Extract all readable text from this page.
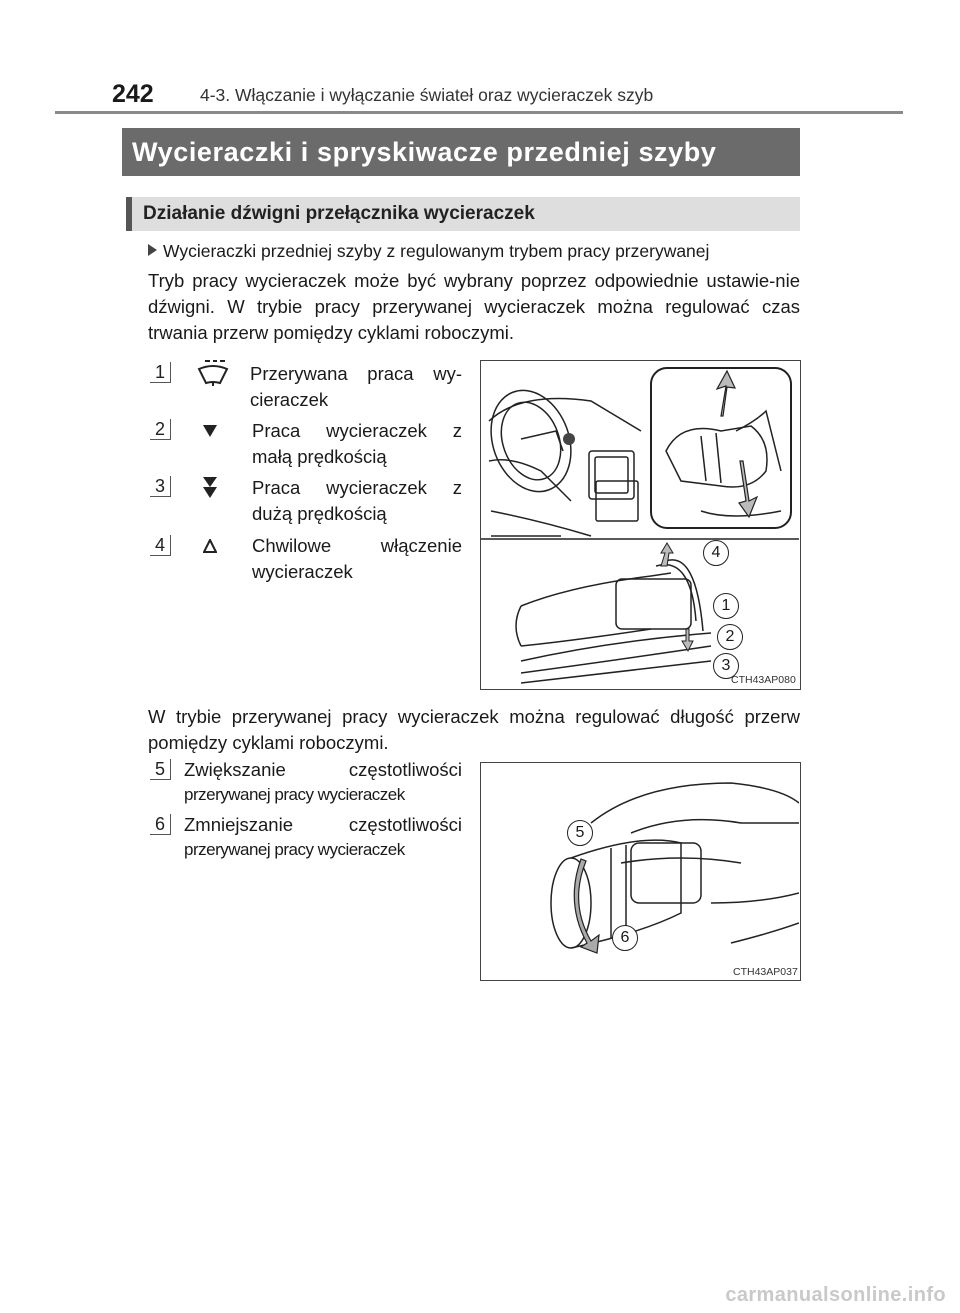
242	4-3. Włączanie i wyłączanie świateł oraz wycieraczek szyb
Wycieraczki i spryskiwacze przedniej szyby
Działanie dźwigni przełącznika wycieraczek
Wycieraczki przedniej szyby z regulowanym trybem pracy przerywanej
Tryb pracy wycieraczek może być wybrany poprzez odpowiednie ustawie-nie dźwigni. W trybie pracy przerywanej wycieraczek można regulować czas trwania przerw pomiędzy cyklami roboczymi.
1	Przerywana praca wy-cieraczek
2	Praca wycieraczek z małą prędkością
3	Praca wycieraczek z dużą prędkością
4	Chwilowe włączenie wycieraczek
4
1
2
3
CTH43AP080
W trybie przerywanej pracy wycieraczek można regulować długość przerw pomiędzy cyklami roboczymi.
5	Zwiększanie częstotliwości
przerywanej pracy wycieraczek
6	Zmniejszanie częstotliwości
przerywanej pracy wycieraczek
5
6
CTH43AP037
carmanualsonline.info
